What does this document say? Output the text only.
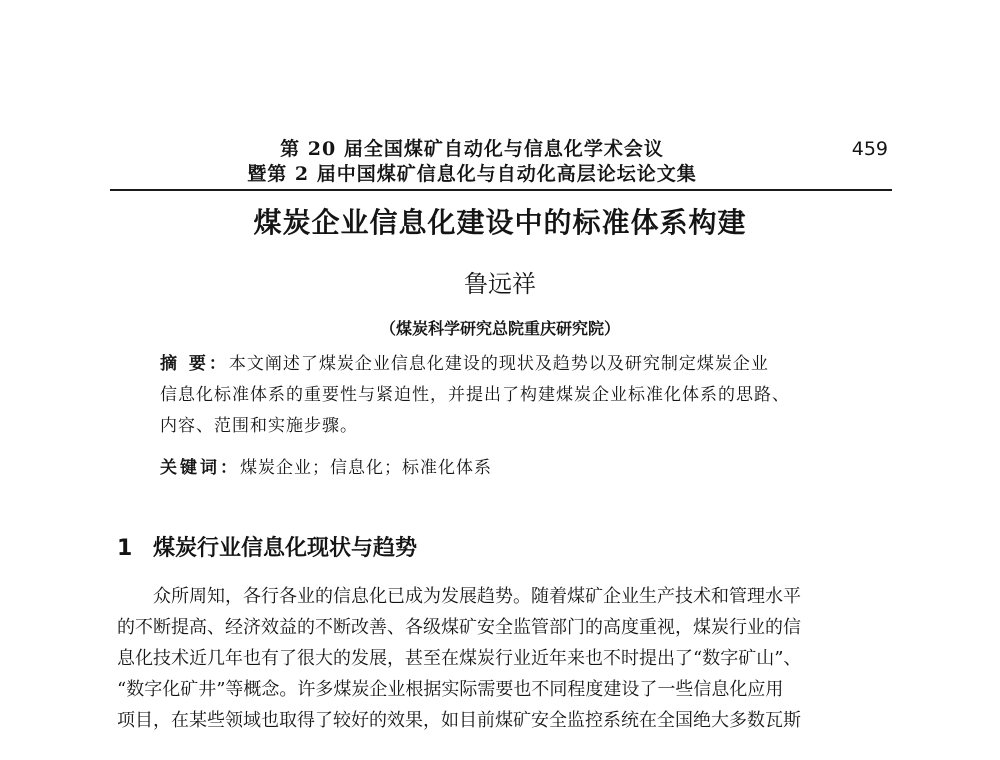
第 20 届全国煤矿自动化与信息化学术会议
暨第 2 届中国煤矿信息化与自动化高层论坛论文集
459
煤炭企业信息化建设中的标准体系构建
鲁远祥
（煤炭科学研究总院重庆研究院）
摘 要：本文阐述了煤炭企业信息化建设的现状及趋势以及研究制定煤炭企业
信息化标准体系的重要性与紧迫性，并提出了构建煤炭企业标准化体系的思路、
内容、范围和实施步骤。
关键词：煤炭企业；信息化；标准化体系
1 煤炭行业信息化现状与趋势
众所周知，各行各业的信息化已成为发展趋势。随着煤矿企业生产技术和管理水平
的不断提高、经济效益的不断改善、各级煤矿安全监管部门的高度重视，煤炭行业的信
息化技术近几年也有了很大的发展，甚至在煤炭行业近年来也不时提出了“数字矿山”、
“数字化矿井”等概念。许多煤炭企业根据实际需要也不同程度建设了一些信息化应用
项目，在某些领域也取得了较好的效果，如目前煤矿安全监控系统在全国绝大多数瓦斯
